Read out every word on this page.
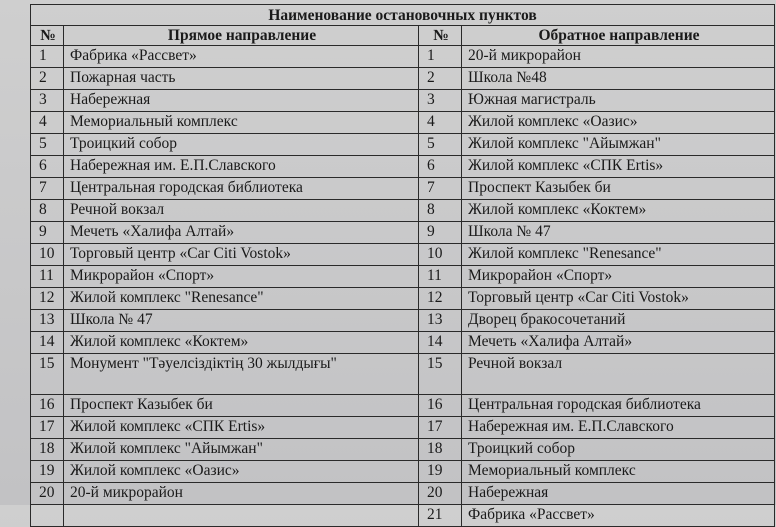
Наименование остановочных пунктов			
№	Прямое направление	№	Обратное направление
1	Фабрика «Рассвет»	1	20-й микрорайон
2	Пожарная часть	2	Школа №48
3	Набережная	3	Южная магистраль
4	Мемориальный комплекс	4	Жилой комплекс «Оазис»
5	Троицкий собор	5	Жилой комплекс "Айымжан"
6	Набережная им. Е.П.Славского	6	Жилой комплекс «СПК Ertis»
7	Центральная городская библиотека	7	Проспект Казыбек би
8	Речной вокзал	8	Жилой комплекс «Коктем»
9	Мечеть «Халифа Алтай»	9	Школа № 47
10	Торговый центр «Car Citi Vostok»	10	Жилой комплекс "Renesance"
11	Микрорайон «Спорт»	11	Микрорайон «Спорт»
12	Жилой комплекс "Renesance"	12	Торговый центр «Car Citi Vostok»
13	Школа № 47	13	Дворец бракосочетаний
14	Жилой комплекс «Коктем»	14	Мечеть «Халифа Алтай»
15	Монумент "Тәуелсіздіктің 30 жылдығы"	15	Речной вокзал
16	Проспект Казыбек би	16	Центральная городская библиотека
17	Жилой комплекс «СПК Ertis»	17	Набережная им. Е.П.Славского
18	Жилой комплекс "Айымжан"	18	Троицкий собор
19	Жилой комплекс «Оазис»	19	Мемориальный комплекс
20	20-й микрорайон	20	Набережная
		21	Фабрика «Рассвет»
